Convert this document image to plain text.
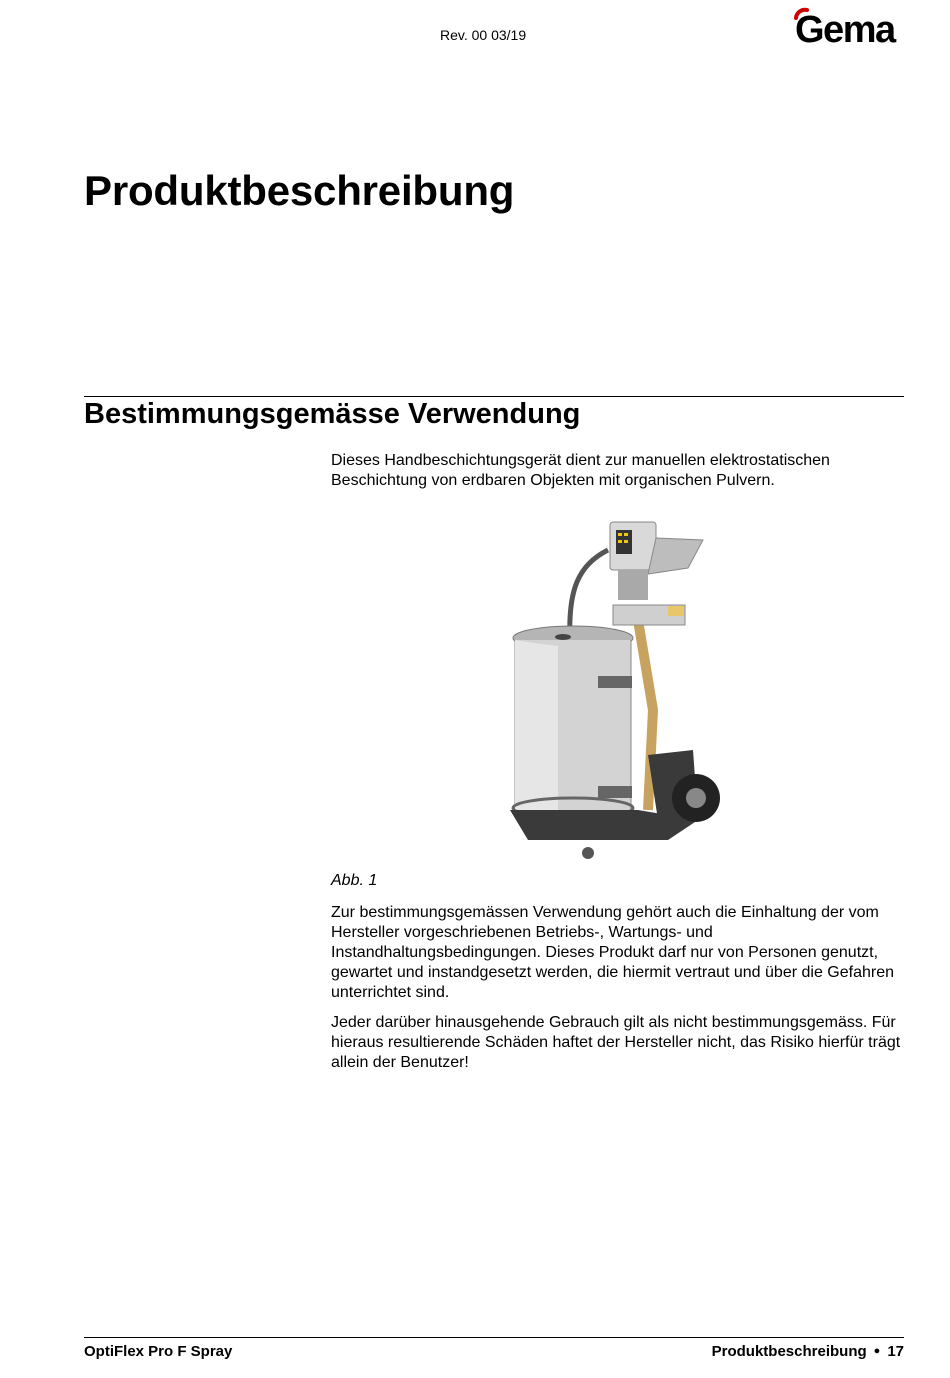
Rev. 00 03/19	Gema
Produktbeschreibung
Bestimmungsgemässe Verwendung

Dieses Handbeschichtungsgerät dient zur manuellen elektrostatischen Beschichtung von erdbaren Objekten mit organischen Pulvern.

Abb. 1

Zur bestimmungsgemässen Verwendung gehört auch die Einhaltung der vom Hersteller vorgeschriebenen Betriebs-, Wartungs- und Instandhaltungsbedingungen. Dieses Produkt darf nur von Personen genutzt, gewartet und instandgesetzt werden, die hiermit vertraut und über die Gefahren unterrichtet sind.

Jeder darüber hinausgehende Gebrauch gilt als nicht bestimmungsgemäss. Für hieraus resultierende Schäden haftet der Hersteller nicht, das Risiko hierfür trägt allein der Benutzer!

OptiFlex Pro F Spray	Produktbeschreibung ● 17
